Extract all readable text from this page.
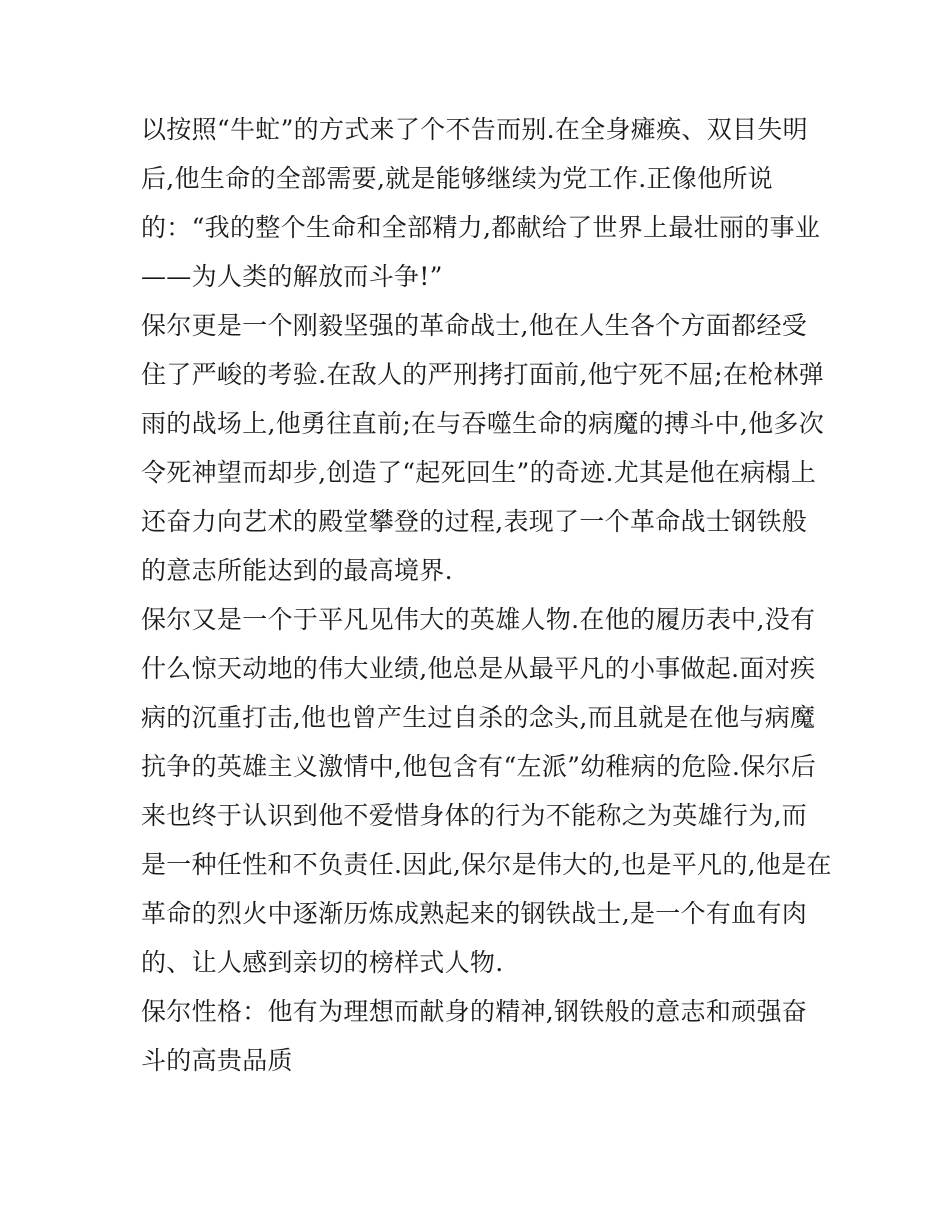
以按照“牛虻”的方式来了个不告而别.在全身瘫痪、双目失明
后,他生命的全部需要,就是能够继续为党工作.正像他所说
的：“我的整个生命和全部精力,都献给了世界上最壮丽的事业
——为人类的解放而斗争!”
保尔更是一个刚毅坚强的革命战士,他在人生各个方面都经受
住了严峻的考验.在敌人的严刑拷打面前,他宁死不屈;在枪林弹
雨的战场上,他勇往直前;在与吞噬生命的病魔的搏斗中,他多次
令死神望而却步,创造了“起死回生”的奇迹.尤其是他在病榻上
还奋力向艺术的殿堂攀登的过程,表现了一个革命战士钢铁般
的意志所能达到的最高境界.
保尔又是一个于平凡见伟大的英雄人物.在他的履历表中,没有
什么惊天动地的伟大业绩,他总是从最平凡的小事做起.面对疾
病的沉重打击,他也曾产生过自杀的念头,而且就是在他与病魔
抗争的英雄主义激情中,他包含有“左派”幼稚病的危险.保尔后
来也终于认识到他不爱惜身体的行为不能称之为英雄行为,而
是一种任性和不负责任.因此,保尔是伟大的,也是平凡的,他是在
革命的烈火中逐渐历炼成熟起来的钢铁战士,是一个有血有肉
的、让人感到亲切的榜样式人物.
保尔性格：他有为理想而献身的精神,钢铁般的意志和顽强奋
斗的高贵品质
